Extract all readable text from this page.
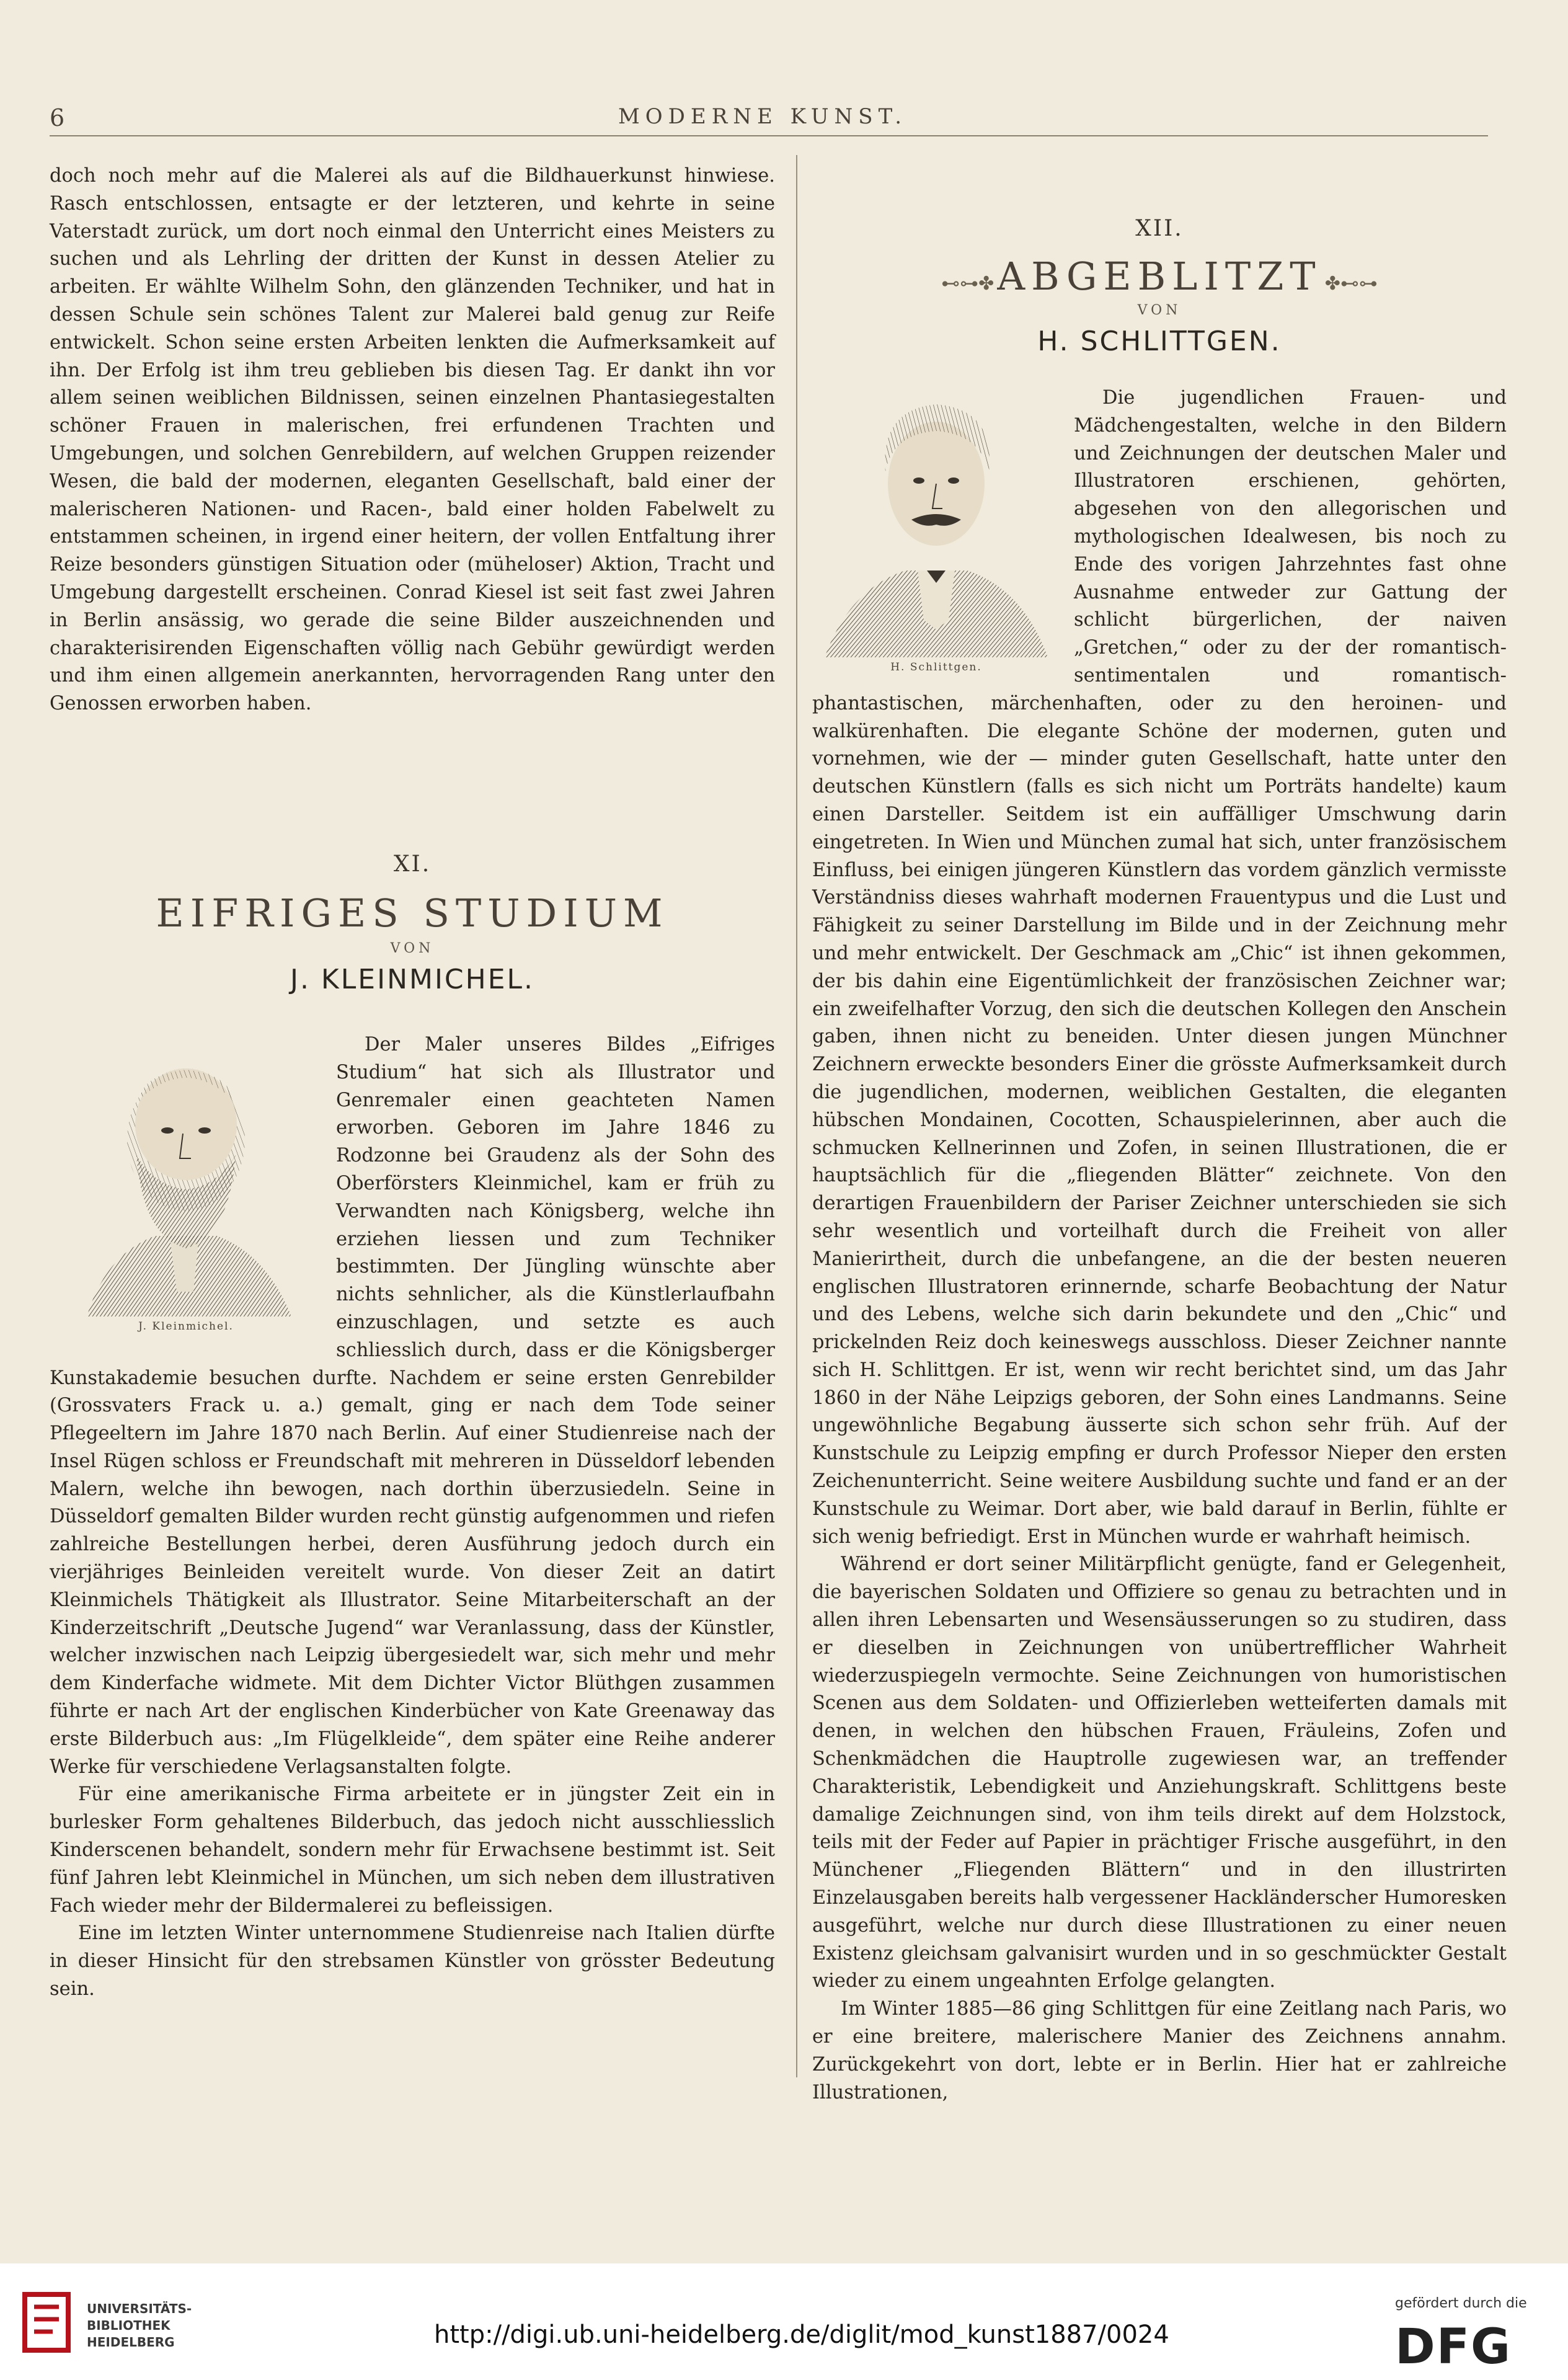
6	MODERNE KUNST.

doch noch mehr auf die Malerei als auf die Bildhauerkunst hinwiese. Rasch entschlossen, entsagte er der letzteren, und kehrte in seine Vaterstadt zurück, um dort noch einmal den Unterricht eines Meisters zu suchen und als Lehrling der dritten der Kunst in dessen Atelier zu arbeiten. Er wählte Wilhelm Sohn, den glänzenden Techniker, und hat in dessen Schule sein schönes Talent zur Malerei bald genug zur Reife entwickelt. Schon seine ersten Arbeiten lenkten die Aufmerksamkeit auf ihn. Der Erfolg ist ihm treu geblieben bis diesen Tag. Er dankt ihn vor allem seinen weiblichen Bildnissen, seinen einzelnen Phantasiegestalten schöner Frauen in malerischen, frei erfundenen Trachten und Umgebungen, und solchen Genrebildern, auf welchen Gruppen reizender Wesen, die bald der modernen, eleganten Gesellschaft, bald einer der malerischeren Nationen- und Racen-, bald einer holden Fabelwelt zu entstammen scheinen, in irgend einer heitern, der vollen Entfaltung ihrer Reize besonders günstigen Situation oder (müheloser) Aktion, Tracht und Umgebung dargestellt erscheinen. Conrad Kiesel ist seit fast zwei Jahren in Berlin ansässig, wo gerade die seine Bilder auszeichnenden und charakterisirenden Eigenschaften völlig nach Gebühr gewürdigt werden und ihm einen allgemein anerkannten, hervorragenden Rang unter den Genossen erworben haben.

XI.
EIFRIGES STUDIUM
VON
J. KLEINMICHEL.
J. Kleinmichel.

Der Maler unseres Bildes „Eifriges Studium“ hat sich als Illustrator und Genremaler einen geachteten Namen erworben. Geboren im Jahre 1846 zu Rodzonne bei Graudenz als der Sohn des Oberförsters Kleinmichel, kam er früh zu Verwandten nach Königsberg, welche ihn erziehen liessen und zum Techniker bestimmten. Der Jüngling wünschte aber nichts sehnlicher, als die Künstlerlaufbahn einzuschlagen, und setzte es auch schliesslich durch, dass er die Königsberger Kunstakademie besuchen durfte. Nachdem er seine ersten Genrebilder (Grossvaters Frack u. a.) gemalt, ging er nach dem Tode seiner Pflegeeltern im Jahre 1870 nach Berlin. Auf einer Studienreise nach der Insel Rügen schloss er Freundschaft mit mehreren in Düsseldorf lebenden Malern, welche ihn bewogen, nach dorthin überzusiedeln. Seine in Düsseldorf gemalten Bilder wurden recht günstig aufgenommen und riefen zahlreiche Bestellungen herbei, deren Ausführung jedoch durch ein vierjähriges Beinleiden vereitelt wurde. Von dieser Zeit an datirt Kleinmichels Thätigkeit als Illustrator. Seine Mitarbeiterschaft an der Kinderzeitschrift „Deutsche Jugend“ war Veranlassung, dass der Künstler, welcher inzwischen nach Leipzig übergesiedelt war, sich mehr und mehr dem Kinderfache widmete. Mit dem Dichter Victor Blüthgen zusammen führte er nach Art der englischen Kinderbücher von Kate Greenaway das erste Bilderbuch aus: „Im Flügelkleide“, dem später eine Reihe anderer Werke für verschiedene Verlagsanstalten folgte.

Für eine amerikanische Firma arbeitete er in jüngster Zeit ein in burlesker Form gehaltenes Bilderbuch, das jedoch nicht ausschliesslich Kinderscenen behandelt, sondern mehr für Erwachsene bestimmt ist. Seit fünf Jahren lebt Kleinmichel in München, um sich neben dem illustrativen Fach wieder mehr der Bildermalerei zu befleissigen.

Eine im letzten Winter unternommene Studienreise nach Italien dürfte in dieser Hinsicht für den strebsamen Künstler von grösster Bedeutung sein.

XII.
⊷⊶✤ ABGEBLITZT ✤⊷⊶
VON
H. SCHLITTGEN.
H. Schlittgen.

Die jugendlichen Frauen- und Mädchengestalten, welche in den Bildern und Zeichnungen der deutschen Maler und Illustratoren erschienen, gehörten, abgesehen von den allegorischen und mythologischen Idealwesen, bis noch zu Ende des vorigen Jahrzehntes fast ohne Ausnahme entweder zur Gattung der schlicht bürgerlichen, der naiven „Gretchen,“ oder zu der der romantisch-sentimentalen und romantisch-phantastischen, märchenhaften, oder zu den heroinen- und walkürenhaften. Die elegante Schöne der modernen, guten und vornehmen, wie der — minder guten Gesellschaft, hatte unter den deutschen Künstlern (falls es sich nicht um Porträts handelte) kaum einen Darsteller. Seitdem ist ein auffälliger Umschwung darin eingetreten. In Wien und München zumal hat sich, unter französischem Einfluss, bei einigen jüngeren Künstlern das vordem gänzlich vermisste Verständniss dieses wahrhaft modernen Frauentypus und die Lust und Fähigkeit zu seiner Darstellung im Bilde und in der Zeichnung mehr und mehr entwickelt. Der Geschmack am „Chic“ ist ihnen gekommen, der bis dahin eine Eigentümlichkeit der französischen Zeichner war; ein zweifelhafter Vorzug, den sich die deutschen Kollegen den Anschein gaben, ihnen nicht zu beneiden. Unter diesen jungen Münchner Zeichnern erweckte besonders Einer die grösste Aufmerksamkeit durch die jugendlichen, modernen, weiblichen Gestalten, die eleganten hübschen Mondainen, Cocotten, Schauspielerinnen, aber auch die schmucken Kellnerinnen und Zofen, in seinen Illustrationen, die er hauptsächlich für die „fliegenden Blätter“ zeichnete. Von den derartigen Frauenbildern der Pariser Zeichner unterschieden sie sich sehr wesentlich und vorteilhaft durch die Freiheit von aller Manierirtheit, durch die unbefangene, an die der besten neueren englischen Illustratoren erinnernde, scharfe Beobachtung der Natur und des Lebens, welche sich darin bekundete und den „Chic“ und prickelnden Reiz doch keineswegs ausschloss. Dieser Zeichner nannte sich H. Schlittgen. Er ist, wenn wir recht berichtet sind, um das Jahr 1860 in der Nähe Leipzigs geboren, der Sohn eines Landmanns. Seine ungewöhnliche Begabung äusserte sich schon sehr früh. Auf der Kunstschule zu Leipzig empfing er durch Professor Nieper den ersten Zeichenunterricht. Seine weitere Ausbildung suchte und fand er an der Kunstschule zu Weimar. Dort aber, wie bald darauf in Berlin, fühlte er sich wenig befriedigt. Erst in München wurde er wahrhaft heimisch.

Während er dort seiner Militärpflicht genügte, fand er Gelegenheit, die bayerischen Soldaten und Offiziere so genau zu betrachten und in allen ihren Lebensarten und Wesensäusserungen so zu studiren, dass er dieselben in Zeichnungen von unübertrefflicher Wahrheit wiederzuspiegeln vermochte. Seine Zeichnungen von humoristischen Scenen aus dem Soldaten- und Offizierleben wetteiferten damals mit denen, in welchen den hübschen Frauen, Fräuleins, Zofen und Schenkmädchen die Hauptrolle zugewiesen war, an treffender Charakteristik, Lebendigkeit und Anziehungskraft. Schlittgens beste damalige Zeichnungen sind, von ihm teils direkt auf dem Holzstock, teils mit der Feder auf Papier in prächtiger Frische ausgeführt, in den Münchener „Fliegenden Blättern“ und in den illustrirten Einzelausgaben bereits halb vergessener Hackländerscher Humoresken ausgeführt, welche nur durch diese Illustrationen zu einer neuen Existenz gleichsam galvanisirt wurden und in so geschmückter Gestalt wieder zu einem ungeahnten Erfolge gelangten.

Im Winter 1885—86 ging Schlittgen für eine Zeitlang nach Paris, wo er eine breitere, malerischere Manier des Zeichnens annahm. Zurückgekehrt von dort, lebte er in Berlin. Hier hat er zahlreiche Illustrationen,

UNIVERSITÄTS-
BIBLIOTHEK
HEIDELBERG	http://digi.ub.uni-heidelberg.de/diglit/mod_kunst1887/0024
gefördert durch die
DFG
